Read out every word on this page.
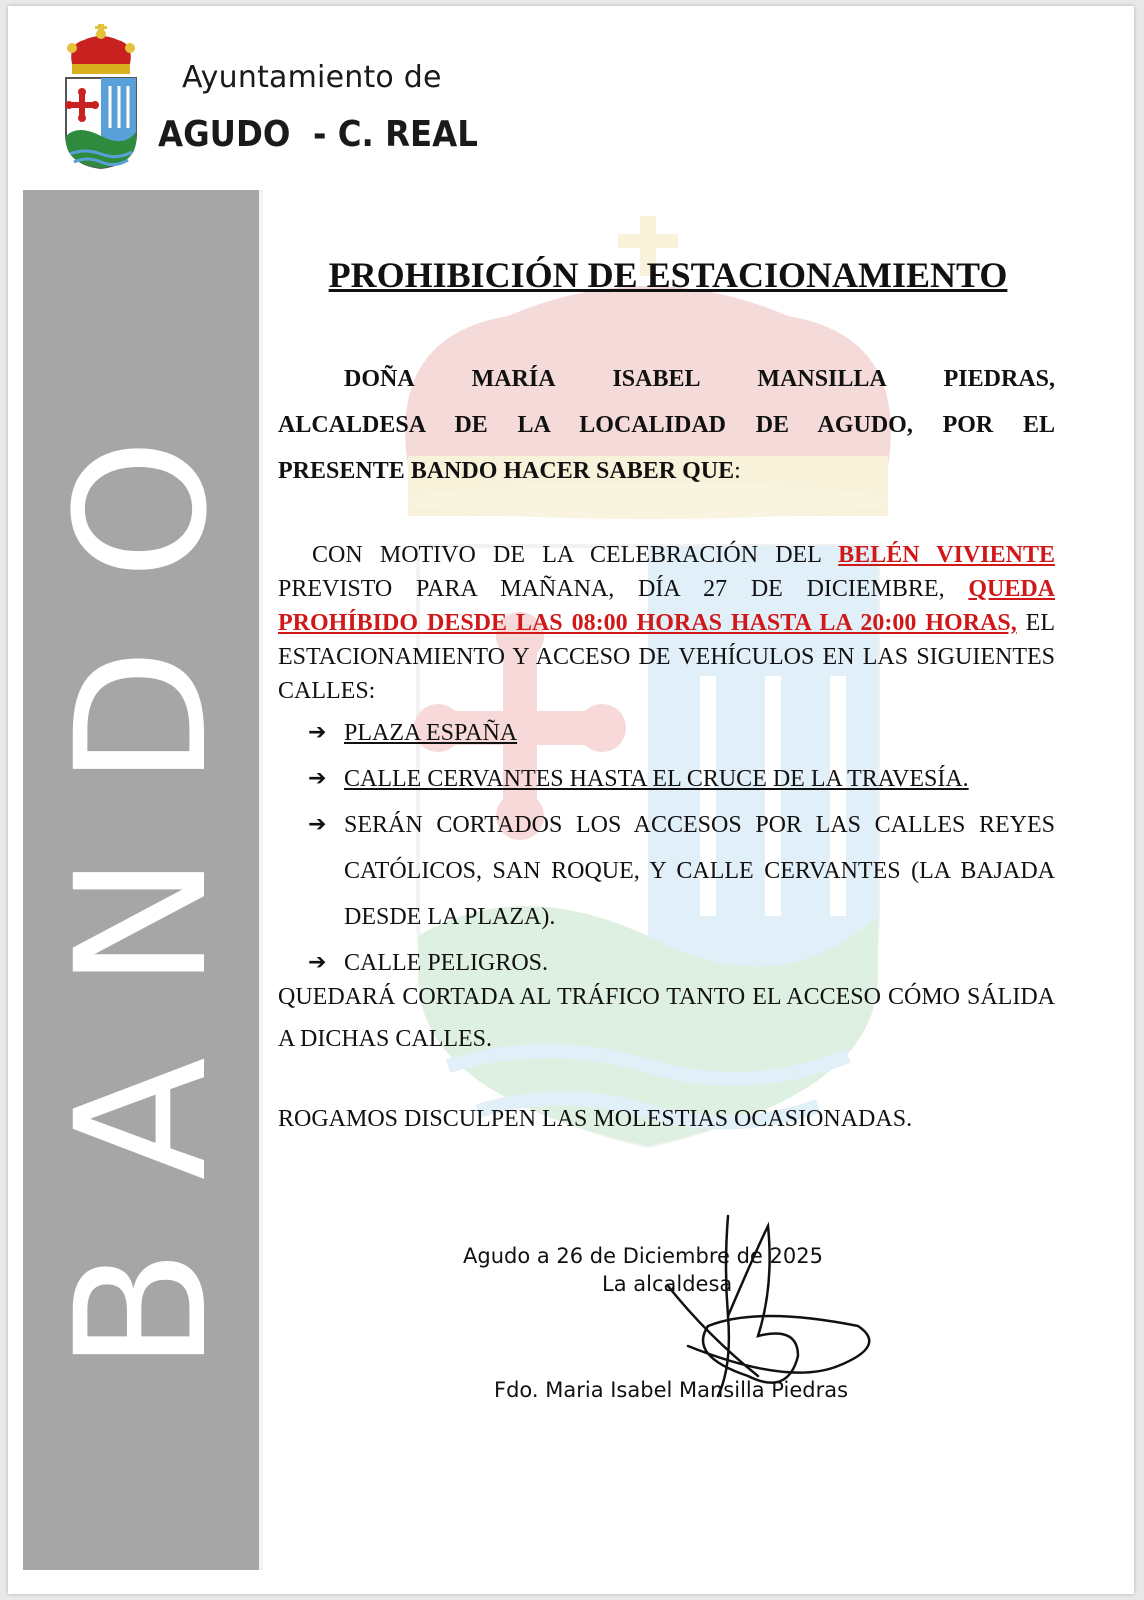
Ayuntamiento de
AGUDO  - C. REAL
BANDO
PROHIBICIÓN DE ESTACIONAMIENTO
DOÑA MARÍA ISABEL MANSILLA PIEDRAS,
ALCALDESA DE LA LOCALIDAD DE AGUDO, POR EL
PRESENTE BANDO HACER SABER QUE:
CON MOTIVO DE LA CELEBRACIÓN DEL BELÉN VIVIENTE PREVISTO PARA MAÑANA, DÍA 27 DE DICIEMBRE, QUEDA PROHÍBIDO DESDE LAS 08:00 HORAS HASTA LA 20:00 HORAS, EL ESTACIONAMIENTO Y ACCESO DE VEHÍCULOS EN LAS SIGUIENTES CALLES:
➔ PLAZA ESPAÑA
➔ CALLE CERVANTES HASTA EL CRUCE DE LA TRAVESÍA.
➔ SERÁN CORTADOS LOS ACCESOS POR LAS CALLES REYES CATÓLICOS, SAN ROQUE, Y CALLE CERVANTES (LA BAJADA DESDE LA PLAZA).
➔ CALLE PELIGROS.
QUEDARÁ CORTADA AL TRÁFICO TANTO EL ACCESO CÓMO SÁLIDA A DICHAS CALLES.
ROGAMOS DISCULPEN LAS MOLESTIAS OCASIONADAS.
Agudo a 26 de Diciembre de 2025
La alcaldesa
Fdo. Maria Isabel Mansilla Piedras
